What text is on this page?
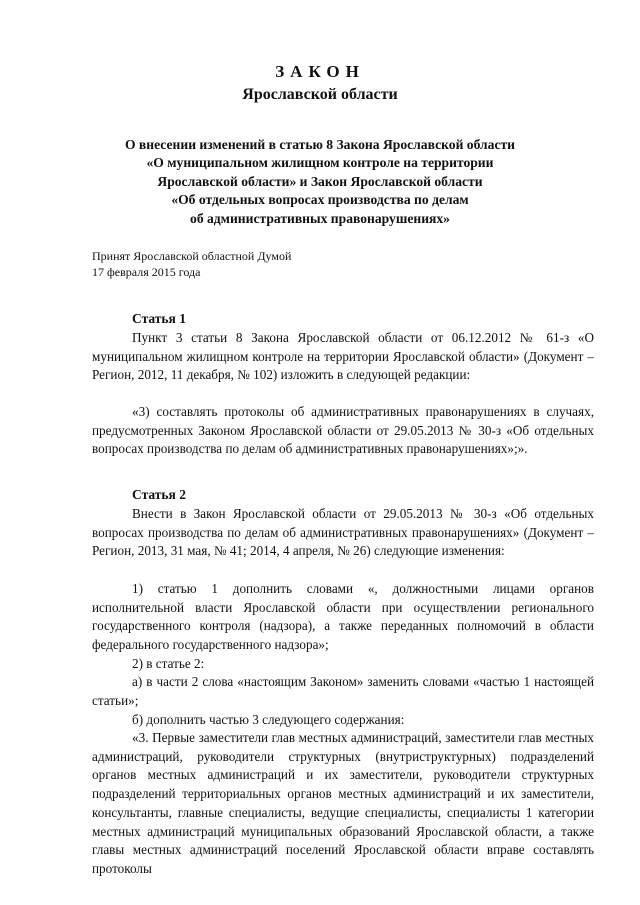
ЗАКОН
Ярославской области
О внесении изменений в статью 8 Закона Ярославской области
«О муниципальном жилищном контроле на территории
Ярославской области» и Закон Ярославской области
«Об отдельных вопросах производства по делам
об административных правонарушениях»
Принят Ярославской областной Думой
17 февраля 2015 года
Статья 1

Пункт 3 статьи 8 Закона Ярославской области от 06.12.2012 № 61-з «О муниципальном жилищном контроле на территории Ярославской области» (Документ – Регион, 2012, 11 декабря, № 102) изложить в следующей редакции:

«3) составлять протоколы об административных правонарушениях в случаях, предусмотренных Законом Ярославской области от 29.05.2013 № 30-з «Об отдельных вопросах производства по делам об административных правонарушениях»;».

Статья 2

Внести в Закон Ярославской области от 29.05.2013 № 30-з «Об отдельных вопросах производства по делам об административных правонарушениях» (Документ – Регион, 2013, 31 мая, № 41; 2014, 4 апреля, № 26) следующие изменения:

1) статью 1 дополнить словами «, должностными лицами органов исполнительной власти Ярославской области при осуществлении регионального государственного контроля (надзора), а также переданных полномочий в области федерального государственного надзора»;

2) в статье 2:

а) в части 2 слова «настоящим Законом» заменить словами «частью 1 настоящей статьи»;

б) дополнить частью 3 следующего содержания:

«3. Первые заместители глав местных администраций, заместители глав местных администраций, руководители структурных (внутриструктурных) подразделений органов местных администраций и их заместители, руководители структурных подразделений территориальных органов местных администраций и их заместители, консультанты, главные специалисты, ведущие специалисты, специалисты 1 категории местных администраций муниципальных образований Ярославской области, а также главы местных администраций поселений Ярославской области вправе составлять протоколы
